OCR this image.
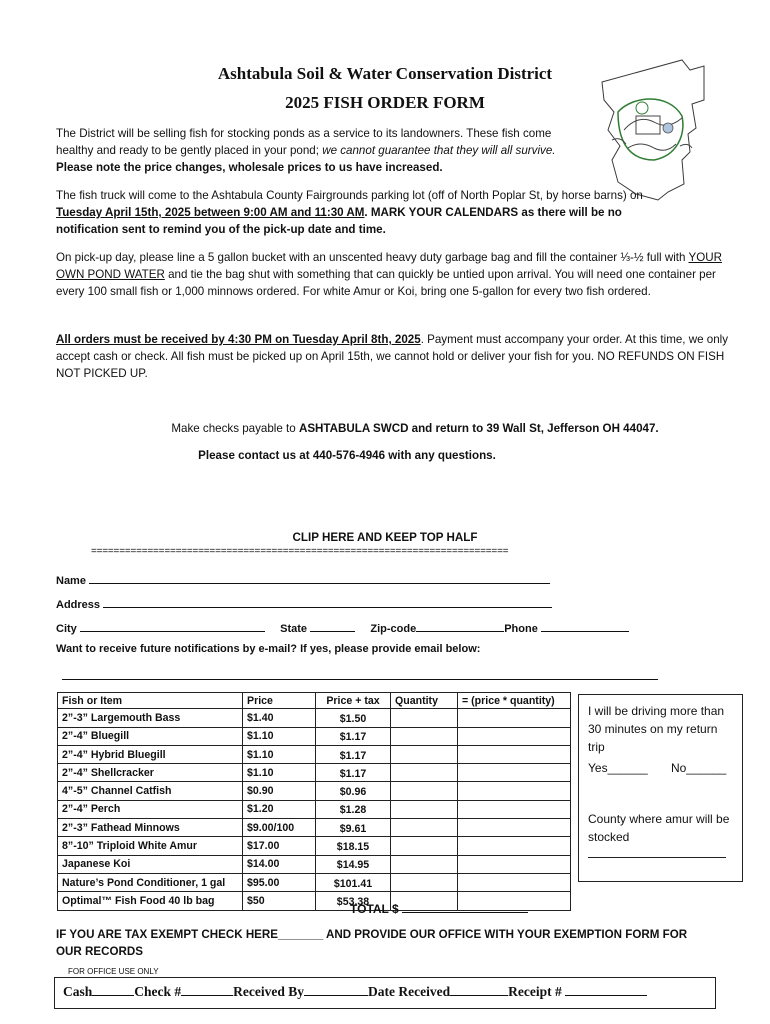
Ashtabula Soil & Water Conservation District
2025 FISH ORDER FORM
The District will be selling fish for stocking ponds as a service to its landowners. These fish come healthy and ready to be gently placed in your pond; we cannot guarantee that they will all survive. Please note the price changes, wholesale prices to us have increased.
The fish truck will come to the Ashtabula County Fairgrounds parking lot (off of North Poplar St, by horse barns) on Tuesday April 15th, 2025 between 9:00 AM and 11:30 AM. MARK YOUR CALENDARS as there will be no notification sent to remind you of the pick-up date and time.
On pick-up day, please line a 5 gallon bucket with an unscented heavy duty garbage bag and fill the container ⅓-½ full with YOUR OWN POND WATER and tie the bag shut with something that can quickly be untied upon arrival. You will need one container per every 100 small fish or 1,000 minnows ordered. For white Amur or Koi, bring one 5-gallon for every two fish ordered.
All orders must be received by 4:30 PM on Tuesday April 8th, 2025. Payment must accompany your order. At this time, we only accept cash or check. All fish must be picked up on April 15th, we cannot hold or deliver your fish for you. NO REFUNDS ON FISH NOT PICKED UP.
Make checks payable to ASHTABULA SWCD and return to 39 Wall St, Jefferson OH 44047.
Please contact us at 440-576-4946 with any questions.
CLIP HERE AND KEEP TOP HALF
==========================================================================
Name
Address
City	State	Zip-code	Phone
Want to receive future notifications by e-mail? If yes, please provide email below:
Fish or Item	Price	Price + tax	Quantity	= (price * quantity)
2”-3” Largemouth Bass	$1.40	$1.50		
2”-4” Bluegill	$1.10	$1.17		
2”-4” Hybrid Bluegill	$1.10	$1.17		
2”-4” Shellcracker	$1.10	$1.17		
4”-5” Channel Catfish	$0.90	$0.96		
2”-4” Perch	$1.20	$1.28		
2”-3” Fathead Minnows	$9.00/100	$9.61		
8”-10” Triploid White Amur	$17.00	$18.15		
Japanese Koi	$14.00	$14.95		
Nature’s Pond Conditioner, 1 gal	$95.00	$101.41		
Optimal™ Fish Food 40 lb bag	$50	$53.38		
I will be driving more than 30 minutes on my return trip
Yes______ No______
County where amur will be stocked
TOTAL $
IF YOU ARE TAX EXEMPT CHECK HERE_______ AND PROVIDE OUR OFFICE WITH YOUR EXEMPTION FORM FOR OUR RECORDS
FOR OFFICE USE ONLY
Cash	Check #	Received By	Date Received	Receipt #
